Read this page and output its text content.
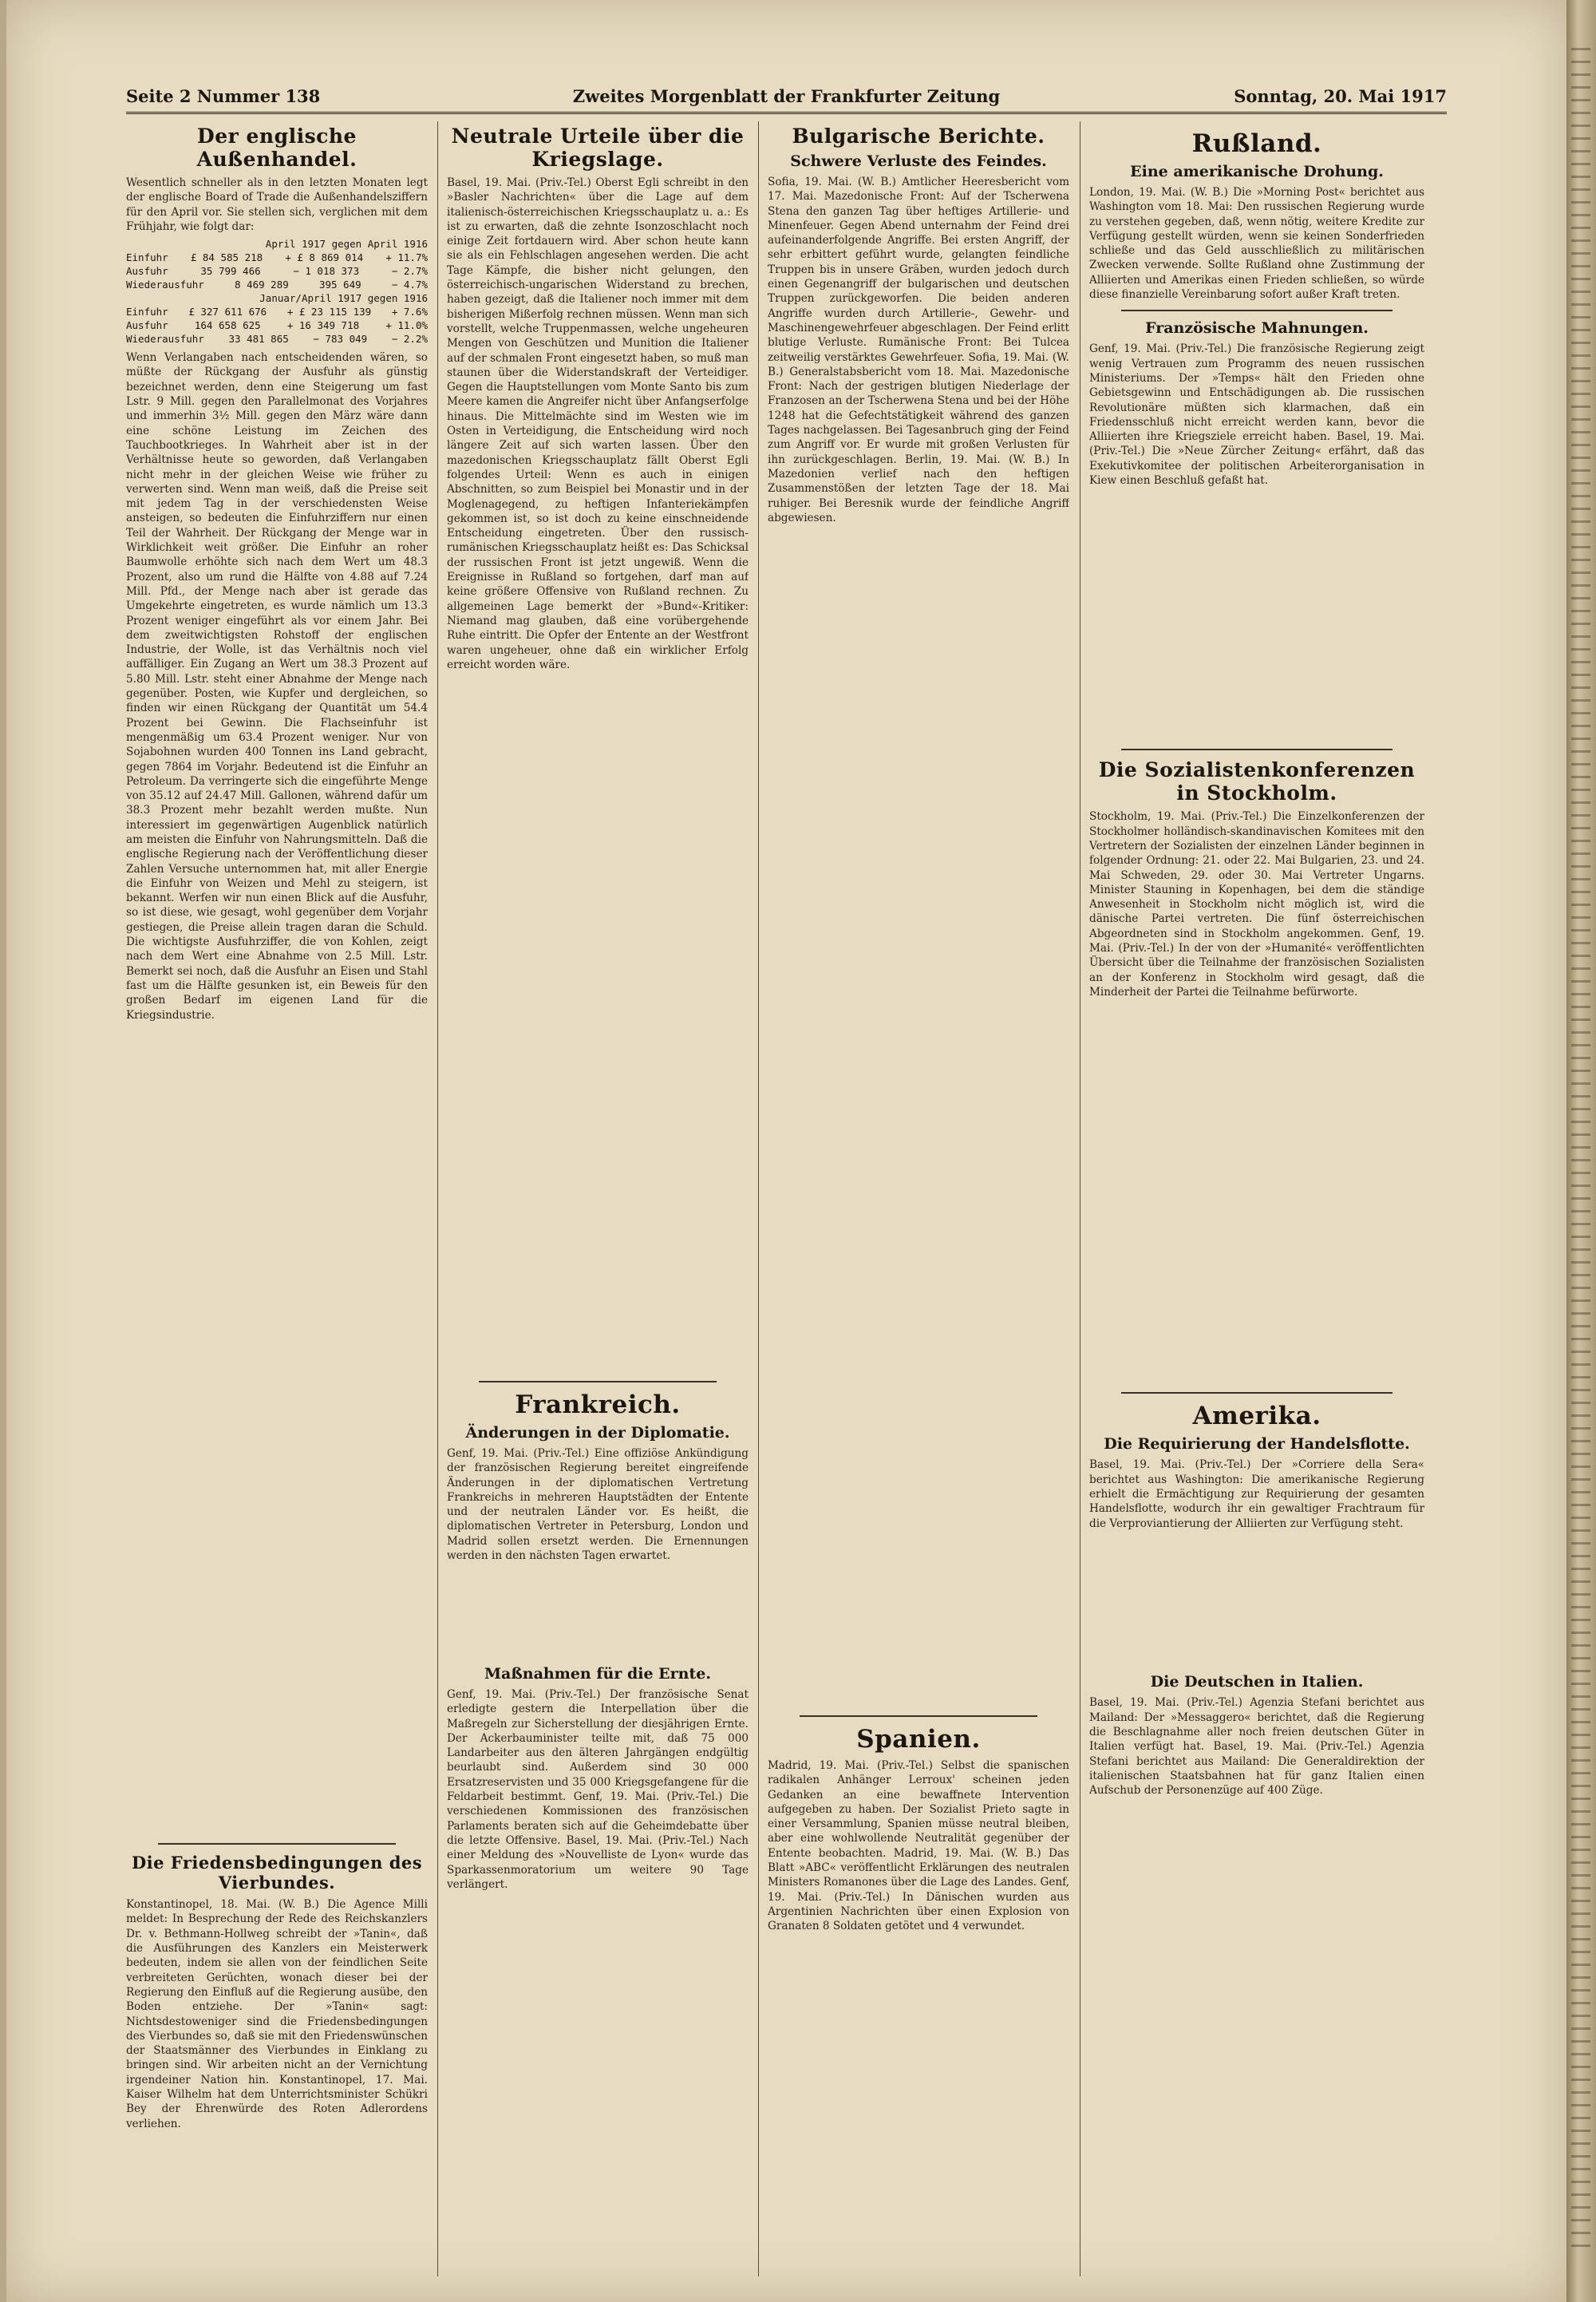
Seite 2 Nummer 138	Zweites Morgenblatt der Frankfurter Zeitung	Sonntag, 20. Mai 1917
Der englische Außenhandel.
Wesentlich schneller als in den letzten Monaten legt der englische Board of Trade die Außenhandelsziffern für den April vor. Sie stellen sich, verglichen mit dem Frühjahr, wie folgt dar:
April 1917 gegen April 1916
Einfuhr £ 84 585 218 + £ 8 869 014 + 11.7%
Ausfuhr	35 799 466	− 1 018 373	− 2.7%
Wiederausfuhr	8 469 289	395 649	− 4.7%
Januar/April 1917 gegen 1916
Einfuhr £ 327 611 676 + £ 23 115 139 + 7.6%
Ausfuhr	164 658 625	+ 16 349 718	+ 11.0%
Wiederausfuhr 33 481 865 − 783 049 − 2.2%
Wenn Verlangaben nach entscheidenden wären, so müßte der Rückgang der Ausfuhr als günstig bezeichnet werden, denn eine Steigerung um fast Lstr. 9 Mill. gegen den Parallelmonat des Vorjahres und immerhin 3½ Mill. gegen den März wäre dann eine schöne Leistung im Zeichen des Tauchbootkrieges. In Wahrheit aber ist in der Verhältnisse heute so geworden, daß Verlangaben nicht mehr in der gleichen Weise wie früher zu verwerten sind. Wenn man weiß, daß die Preise seit mit jedem Tag in der verschiedensten Weise ansteigen, so bedeuten die Einfuhrziffern nur einen Teil der Wahrheit. Der Rückgang der Menge war in Wirklichkeit weit größer. Die Einfuhr an roher Baumwolle erhöhte sich nach dem Wert um 48.3 Prozent, also um rund die Hälfte von 4.88 auf 7.24 Mill. Pfd., der Menge nach aber ist gerade das Umgekehrte eingetreten, es wurde nämlich um 13.3 Prozent weniger eingeführt als vor einem Jahr. Bei dem zweitwichtigsten Rohstoff der englischen Industrie, der Wolle, ist das Verhältnis noch viel auffälliger. Ein Zugang an Wert um 38.3 Prozent auf 5.80 Mill. Lstr. steht einer Abnahme der Menge nach gegenüber. Posten, wie Kupfer und dergleichen, so finden wir einen Rückgang der Quantität um 54.4 Prozent bei Gewinn. Die Flachseinfuhr ist mengenmäßig um 63.4 Prozent weniger. Nur von Sojabohnen wurden 400 Tonnen ins Land gebracht, gegen 7864 im Vorjahr. Bedeutend ist die Einfuhr an Petroleum. Da verringerte sich die eingeführte Menge von 35.12 auf 24.47 Mill. Gallonen, während dafür um 38.3 Prozent mehr bezahlt werden mußte. Nun interessiert im gegenwärtigen Augenblick natürlich am meisten die Einfuhr von Nahrungsmitteln. Daß die englische Regierung nach der Veröffentlichung dieser Zahlen Versuche unternommen hat, mit aller Energie die Einfuhr von Weizen und Mehl zu steigern, ist bekannt. Werfen wir nun einen Blick auf die Ausfuhr, so ist diese, wie gesagt, wohl gegenüber dem Vorjahr gestiegen, die Preise allein tragen daran die Schuld. Die wichtigste Ausfuhrziffer, die von Kohlen, zeigt nach dem Wert eine Abnahme von 2.5 Mill. Lstr. Bemerkt sei noch, daß die Ausfuhr an Eisen und Stahl fast um die Hälfte gesunken ist, ein Beweis für den großen Bedarf im eigenen Land für die Kriegsindustrie.
Die Friedensbedingungen des Vierbundes.
Konstantinopel, 18. Mai. (W. B.) Die Agence Milli meldet: In Besprechung der Rede des Reichskanzlers Dr. v. Bethmann-Hollweg schreibt der »Tanin«, daß die Ausführungen des Kanzlers ein Meisterwerk bedeuten, indem sie allen von der feindlichen Seite verbreiteten Gerüchten, wonach dieser bei der Regierung den Einfluß auf die Regierung ausübe, den Boden entziehe. Der »Tanin« sagt: Nichtsdestoweniger sind die Friedensbedingungen des Vierbundes so, daß sie mit den Friedenswünschen der Staatsmänner des Vierbundes in Einklang zu bringen sind. Wir arbeiten nicht an der Vernichtung irgendeiner Nation hin. Konstantinopel, 17. Mai. Kaiser Wilhelm hat dem Unterrichtsminister Schükri Bey der Ehrenwürde des Roten Adlerordens verliehen.
Neutrale Urteile über die Kriegslage.
Basel, 19. Mai. (Priv.-Tel.) Oberst Egli schreibt in den »Basler Nachrichten« über die Lage auf dem italienisch-österreichischen Kriegsschauplatz u. a.: Es ist zu erwarten, daß die zehnte Isonzoschlacht noch einige Zeit fortdauern wird. Aber schon heute kann sie als ein Fehlschlagen angesehen werden. Die acht Tage Kämpfe, die bisher nicht gelungen, den österreichisch-ungarischen Widerstand zu brechen, haben gezeigt, daß die Italiener noch immer mit dem bisherigen Mißerfolg rechnen müssen. Wenn man sich vorstellt, welche Truppenmassen, welche ungeheuren Mengen von Geschützen und Munition die Italiener auf der schmalen Front eingesetzt haben, so muß man staunen über die Widerstandskraft der Verteidiger. Gegen die Hauptstellungen vom Monte Santo bis zum Meere kamen die Angreifer nicht über Anfangserfolge hinaus. Die Mittelmächte sind im Westen wie im Osten in Verteidigung, die Entscheidung wird noch längere Zeit auf sich warten lassen. Über den mazedonischen Kriegsschauplatz fällt Oberst Egli folgendes Urteil: Wenn es auch in einigen Abschnitten, so zum Beispiel bei Monastir und in der Moglenagegend, zu heftigen Infanteriekämpfen gekommen ist, so ist doch zu keine einschneidende Entscheidung eingetreten. Über den russisch-rumänischen Kriegsschauplatz heißt es: Das Schicksal der russischen Front ist jetzt ungewiß. Wenn die Ereignisse in Rußland so fortgehen, darf man auf keine größere Offensive von Rußland rechnen. Zu allgemeinen Lage bemerkt der »Bund«-Kritiker: Niemand mag glauben, daß eine vorübergehende Ruhe eintritt. Die Opfer der Entente an der Westfront waren ungeheuer, ohne daß ein wirklicher Erfolg erreicht worden wäre.
Frankreich.
Änderungen in der Diplomatie.
Genf, 19. Mai. (Priv.-Tel.) Eine offiziöse Ankündigung der französischen Regierung bereitet eingreifende Änderungen in der diplomatischen Vertretung Frankreichs in mehreren Hauptstädten der Entente und der neutralen Länder vor. Es heißt, die diplomatischen Vertreter in Petersburg, London und Madrid sollen ersetzt werden. Die Ernennungen werden in den nächsten Tagen erwartet.
Maßnahmen für die Ernte.
Genf, 19. Mai. (Priv.-Tel.) Der französische Senat erledigte gestern die Interpellation über die Maßregeln zur Sicherstellung der diesjährigen Ernte. Der Ackerbauminister teilte mit, daß 75 000 Landarbeiter aus den älteren Jahrgängen endgültig beurlaubt sind. Außerdem sind 30 000 Ersatzreservisten und 35 000 Kriegsgefangene für die Feldarbeit bestimmt. Genf, 19. Mai. (Priv.-Tel.) Die verschiedenen Kommissionen des französischen Parlaments beraten sich auf die Geheimdebatte über die letzte Offensive. Basel, 19. Mai. (Priv.-Tel.) Nach einer Meldung des »Nouvelliste de Lyon« wurde das Sparkassenmoratorium um weitere 90 Tage verlängert.
Bulgarische Berichte.
Schwere Verluste des Feindes.
Sofia, 19. Mai. (W. B.) Amtlicher Heeresbericht vom 17. Mai. Mazedonische Front: Auf der Tscherwena Stena den ganzen Tag über heftiges Artillerie- und Minenfeuer. Gegen Abend unternahm der Feind drei aufeinanderfolgende Angriffe. Bei ersten Angriff, der sehr erbittert geführt wurde, gelangten feindliche Truppen bis in unsere Gräben, wurden jedoch durch einen Gegenangriff der bulgarischen und deutschen Truppen zurückgeworfen. Die beiden anderen Angriffe wurden durch Artillerie-, Gewehr- und Maschinengewehrfeuer abgeschlagen. Der Feind erlitt blutige Verluste. Rumänische Front: Bei Tulcea zeitweilig verstärktes Gewehrfeuer. Sofia, 19. Mai. (W. B.) Generalstabsbericht vom 18. Mai. Mazedonische Front: Nach der gestrigen blutigen Niederlage der Franzosen an der Tscherwena Stena und bei der Höhe 1248 hat die Gefechtstätigkeit während des ganzen Tages nachgelassen. Bei Tagesanbruch ging der Feind zum Angriff vor. Er wurde mit großen Verlusten für ihn zurückgeschlagen. Berlin, 19. Mai. (W. B.) In Mazedonien verlief nach den heftigen Zusammenstößen der letzten Tage der 18. Mai ruhiger. Bei Beresnik wurde der feindliche Angriff abgewiesen.
Spanien.
Madrid, 19. Mai. (Priv.-Tel.) Selbst die spanischen radikalen Anhänger Lerroux' scheinen jeden Gedanken an eine bewaffnete Intervention aufgegeben zu haben. Der Sozialist Prieto sagte in einer Versammlung, Spanien müsse neutral bleiben, aber eine wohlwollende Neutralität gegenüber der Entente beobachten. Madrid, 19. Mai. (W. B.) Das Blatt »ABC« veröffentlicht Erklärungen des neutralen Ministers Romanones über die Lage des Landes. Genf, 19. Mai. (Priv.-Tel.) In Dänischen wurden aus Argentinien Nachrichten über einen Explosion von Granaten 8 Soldaten getötet und 4 verwundet.
Rußland.
Eine amerikanische Drohung.
London, 19. Mai. (W. B.) Die »Morning Post« berichtet aus Washington vom 18. Mai: Den russischen Regierung wurde zu verstehen gegeben, daß, wenn nötig, weitere Kredite zur Verfügung gestellt würden, wenn sie keinen Sonderfrieden schließe und das Geld ausschließlich zu militärischen Zwecken verwende. Sollte Rußland ohne Zustimmung der Alliierten und Amerikas einen Frieden schließen, so würde diese finanzielle Vereinbarung sofort außer Kraft treten.
Französische Mahnungen.
Genf, 19. Mai. (Priv.-Tel.) Die französische Regierung zeigt wenig Vertrauen zum Programm des neuen russischen Ministeriums. Der »Temps« hält den Frieden ohne Gebietsgewinn und Entschädigungen ab. Die russischen Revolutionäre müßten sich klarmachen, daß ein Friedensschluß nicht erreicht werden kann, bevor die Alliierten ihre Kriegsziele erreicht haben. Basel, 19. Mai. (Priv.-Tel.) Die »Neue Zürcher Zeitung« erfährt, daß das Exekutivkomitee der politischen Arbeiterorganisation in Kiew einen Beschluß gefaßt hat.
Die Sozialistenkonferenzen in Stockholm.
Stockholm, 19. Mai. (Priv.-Tel.) Die Einzelkonferenzen der Stockholmer holländisch-skandinavischen Komitees mit den Vertretern der Sozialisten der einzelnen Länder beginnen in folgender Ordnung: 21. oder 22. Mai Bulgarien, 23. und 24. Mai Schweden, 29. oder 30. Mai Vertreter Ungarns. Minister Stauning in Kopenhagen, bei dem die ständige Anwesenheit in Stockholm nicht möglich ist, wird die dänische Partei vertreten. Die fünf österreichischen Abgeordneten sind in Stockholm angekommen. Genf, 19. Mai. (Priv.-Tel.) In der von der »Humanité« veröffentlichten Übersicht über die Teilnahme der französischen Sozialisten an der Konferenz in Stockholm wird gesagt, daß die Minderheit der Partei die Teilnahme befürworte.
Amerika.
Die Requirierung der Handelsflotte.
Basel, 19. Mai. (Priv.-Tel.) Der »Corriere della Sera« berichtet aus Washington: Die amerikanische Regierung erhielt die Ermächtigung zur Requirierung der gesamten Handelsflotte, wodurch ihr ein gewaltiger Frachtraum für die Verproviantierung der Alliierten zur Verfügung steht.
Die Deutschen in Italien.
Basel, 19. Mai. (Priv.-Tel.) Agenzia Stefani berichtet aus Mailand: Der »Messaggero« berichtet, daß die Regierung die Beschlagnahme aller noch freien deutschen Güter in Italien verfügt hat. Basel, 19. Mai. (Priv.-Tel.) Agenzia Stefani berichtet aus Mailand: Die Generaldirektion der italienischen Staatsbahnen hat für ganz Italien einen Aufschub der Personenzüge auf 400 Züge.
